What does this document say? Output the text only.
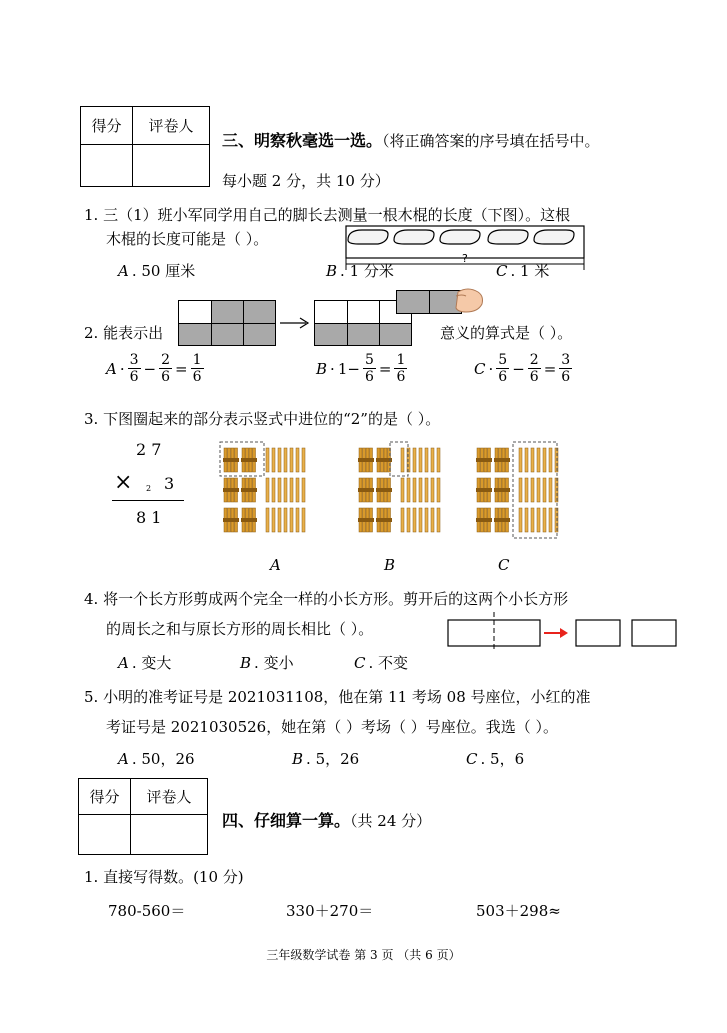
得分	评卷人

三、明察秋毫选一选。（将正确答案的序号填在括号中。
每小题 2 分，共 10 分）
1. 三（1）班小军同学用自己的脚长去测量一根木棍的长度（下图）。这根
木棍的长度可能是（ ）。
?
A . 50 厘米	B . 1 分米	C . 1 米
2. 能表示出	意义的算式是（ ）。
$A \cdot \frac{3}{6} - \frac{2}{6} = \frac{1}{6}$	$B \cdot 1- \frac{5}{6} = \frac{1}{6}$	$C \cdot \frac{5}{6} - \frac{2}{6} = \frac{3}{6}$
3. 下图圈起来的部分表示竖式中进位的“2”的是（ ）。
2 7
× 2 3
8 1
A	B	C
4. 将一个长方形剪成两个完全一样的小长方形。剪开后的这两个小长方形
的周长之和与原长方形的周长相比（ ）。
A . 变大	B . 变小	C . 不变
5. 小明的准考证号是 2021031108，他在第 11 考场 08 号座位，小红的准
考证号是 2021030526，她在第（ ）考场（ ）号座位。我选（ ）。
A . 50，26	B . 5，26	C . 5，6
得分	评卷人

四、仔细算一算。（共 24 分）
1. 直接写得数。(10 分)
780-560＝	330＋270＝	503＋298≈
三年级数学试卷 第 3 页 （共 6 页）
